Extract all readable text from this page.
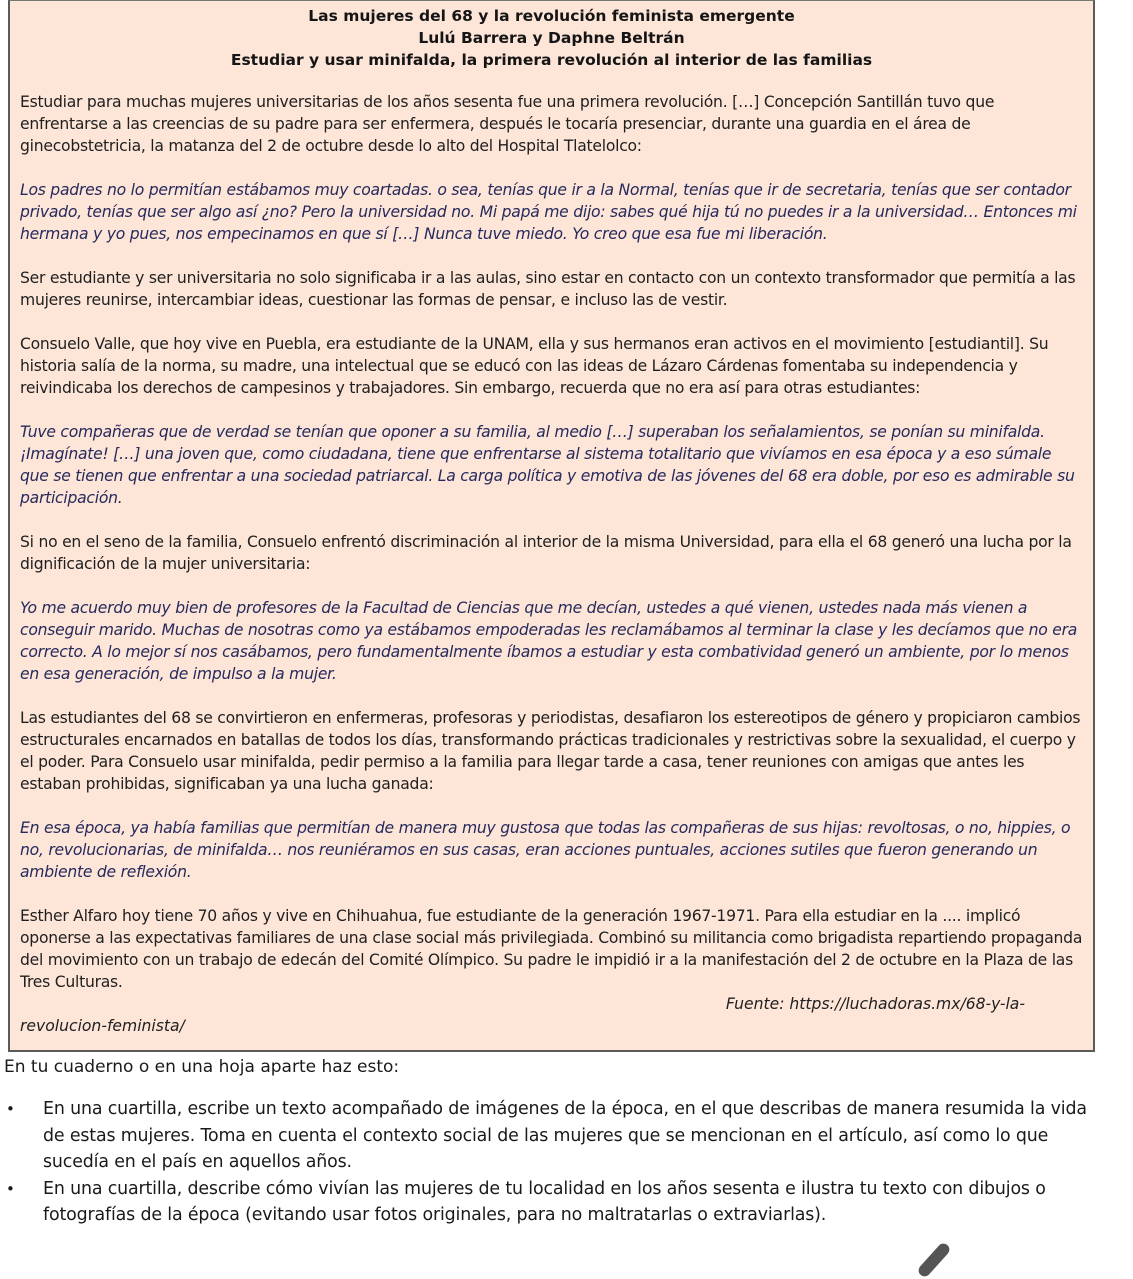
Las mujeres del 68 y la revolución feminista emergente
Lulú Barrera y Daphne Beltrán
Estudiar y usar minifalda, la primera revolución al interior de las familias

Estudiar para muchas mujeres universitarias de los años sesenta fue una primera revolución. […] Concepción Santillán tuvo que enfrentarse a las creencias de su padre para ser enfermera, después le tocaría presenciar, durante una guardia en el área de ginecobstetricia, la matanza del 2 de octubre desde lo alto del Hospital Tlatelolco:

Los padres no lo permitían estábamos muy coartadas. o sea, tenías que ir a la Normal, tenías que ir de secretaria, tenías que ser contador privado, tenías que ser algo así ¿no? Pero la universidad no. Mi papá me dijo: sabes qué hija tú no puedes ir a la universidad… Entonces mi hermana y yo pues, nos empecinamos en que sí […] Nunca tuve miedo. Yo creo que esa fue mi liberación.

Ser estudiante y ser universitaria no solo significaba ir a las aulas, sino estar en contacto con un contexto transformador que permitía a las mujeres reunirse, intercambiar ideas, cuestionar las formas de pensar, e incluso las de vestir.

Consuelo Valle, que hoy vive en Puebla, era estudiante de la UNAM, ella y sus hermanos eran activos en el movimiento [estudiantil]. Su historia salía de la norma, su madre, una intelectual que se educó con las ideas de Lázaro Cárdenas fomentaba su independencia y reivindicaba los derechos de campesinos y trabajadores. Sin embargo, recuerda que no era así para otras estudiantes:

Tuve compañeras que de verdad se tenían que oponer a su familia, al medio […] superaban los señalamientos, se ponían su minifalda. ¡Imagínate! […] una joven que, como ciudadana, tiene que enfrentarse al sistema totalitario que vivíamos en esa época y a eso súmale que se tienen que enfrentar a una sociedad patriarcal. La carga política y emotiva de las jóvenes del 68 era doble, por eso es admirable su participación.

Si no en el seno de la familia, Consuelo enfrentó discriminación al interior de la misma Universidad, para ella el 68 generó una lucha por la dignificación de la mujer universitaria:

Yo me acuerdo muy bien de profesores de la Facultad de Ciencias que me decían, ustedes a qué vienen, ustedes nada más vienen a conseguir marido. Muchas de nosotras como ya estábamos empoderadas les reclamábamos al terminar la clase y les decíamos que no era correcto. A lo mejor sí nos casábamos, pero fundamentalmente íbamos a estudiar y esta combatividad generó un ambiente, por lo menos en esa generación, de impulso a la mujer.

Las estudiantes del 68 se convirtieron en enfermeras, profesoras y periodistas, desafiaron los estereotipos de género y propiciaron cambios estructurales encarnados en batallas de todos los días, transformando prácticas tradicionales y restrictivas sobre la sexualidad, el cuerpo y el poder. Para Consuelo usar minifalda, pedir permiso a la familia para llegar tarde a casa, tener reuniones con amigas que antes les estaban prohibidas, significaban ya una lucha ganada:

En esa época, ya había familias que permitían de manera muy gustosa que todas las compañeras de sus hijas: revoltosas, o no, hippies, o no, revolucionarias, de minifalda… nos reuniéramos en sus casas, eran acciones puntuales, acciones sutiles que fueron generando un ambiente de reflexión.

Esther Alfaro hoy tiene 70 años y vive en Chihuahua, fue estudiante de la generación 1967-1971. Para ella estudiar en la .... implicó oponerse a las expectativas familiares de una clase social más privilegiada. Combinó su militancia como brigadista repartiendo propaganda del movimiento con un trabajo de edecán del Comité Olímpico. Su padre le impidió ir a la manifestación del 2 de octubre en la Plaza de las Tres Culturas.

Fuente: https://luchadoras.mx/68-y-la-
revolucion-feminista/
En tu cuaderno o en una hoja aparte haz esto:
• En una cuartilla, escribe un texto acompañado de imágenes de la época, en el que describas de manera resumida la vida de estas mujeres. Toma en cuenta el contexto social de las mujeres que se mencionan en el artículo, así como lo que sucedía en el país en aquellos años.
• En una cuartilla, describe cómo vivían las mujeres de tu localidad en los años sesenta e ilustra tu texto con dibujos o fotografías de la época (evitando usar fotos originales, para no maltratarlas o extraviarlas).
